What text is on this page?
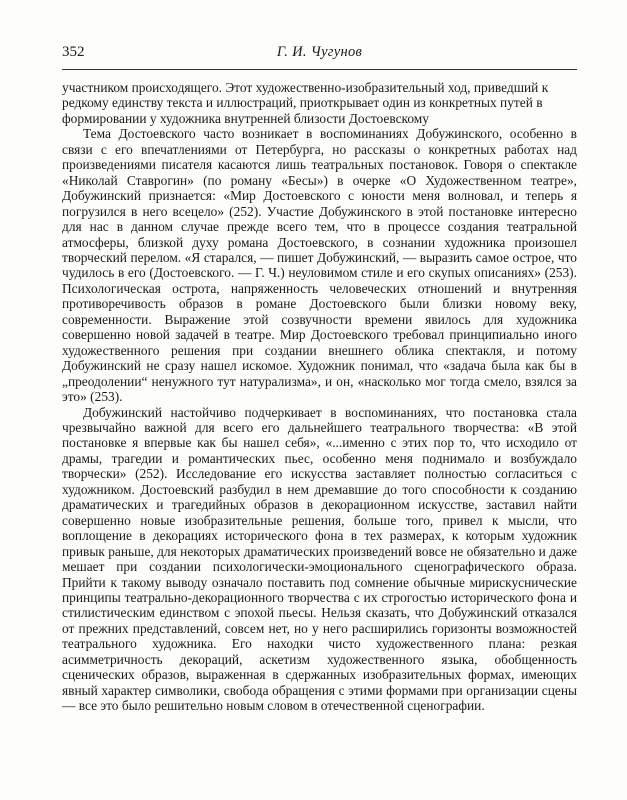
352	Г. И. Чугунов

участником происходящего. Этот художественно-изобразительный ход, приведший к редкому единству текста и иллюстраций, приоткрывает один из конкретных путей в формировании у художника внутренней близости Достоевскому

Тема Достоевского часто возникает в воспоминаниях Добужинского, особенно в связи с его впечатлениями от Петербурга, но рассказы о конкретных работах над произведениями писателя касаются лишь театральных постановок. Говоря о спектакле «Николай Ставрогин» (по роману «Бесы») в очерке «О Художественном театре», Добужинский признается: «Мир Достоевского с юности меня волновал, и теперь я погрузился в него всецело» (252). Участие Добужинского в этой постановке интересно для нас в данном случае прежде всего тем, что в процессе создания театральной атмосферы, близкой духу романа Достоевского, в сознании художника произошел творческий перелом. «Я старался, — пишет Добужинский, — выразить самое острое, что чудилось в его (Достоевского. — Г. Ч.) неуловимом стиле и его скупых описаниях» (253). Психологическая острота, напряженность человеческих отношений и внутренняя противоречивость образов в романе Достоевского были близки новому веку, современности. Выражение этой созвучности времени явилось для художника совершенно новой задачей в театре. Мир Достоевского требовал принципиально иного художественного решения при создании внешнего облика спектакля, и потому Добужинский не сразу нашел искомое. Художник понимал, что «задача была как бы в „преодолении“ ненужного тут натурализма», и он, «насколько мог тогда смело, взялся за это» (253).

Добужинский настойчиво подчеркивает в воспоминаниях, что постановка стала чрезвычайно важной для всего его дальнейшего театрального творчества: «В этой постановке я впервые как бы нашел себя», «...именно с этих пор то, что исходило от драмы, трагедии и романтических пьес, особенно меня поднимало и возбуждало творчески» (252). Исследование его искусства заставляет полностью согласиться с художником. Достоевский разбудил в нем дремавшие до того способности к созданию драматических и трагедийных образов в декорационном искусстве, заставил найти совершенно новые изобразительные решения, больше того, привел к мысли, что воплощение в декорациях исторического фона в тех размерах, к которым художник привык раньше, для некоторых драматических произведений вовсе не обязательно и даже мешает при создании психологически-эмоционального сценографического образа. Прийти к такому выводу означало поставить под сомнение обычные мирискуснические принципы театрально-декорационного творчества с их строгостью исторического фона и стилистическим единством с эпохой пьесы. Нельзя сказать, что Добужинский отказался от прежних представлений, совсем нет, но у него расширились горизонты возможностей театрального художника. Его находки чисто художественного плана: резкая асимметричность декораций, аскетизм художественного языка, обобщенность сценических образов, выраженная в сдержанных изобразительных формах, имеющих явный характер символики, свобода обращения с этими формами при организации сцены — все это было решительно новым словом в отечественной сценографии.
